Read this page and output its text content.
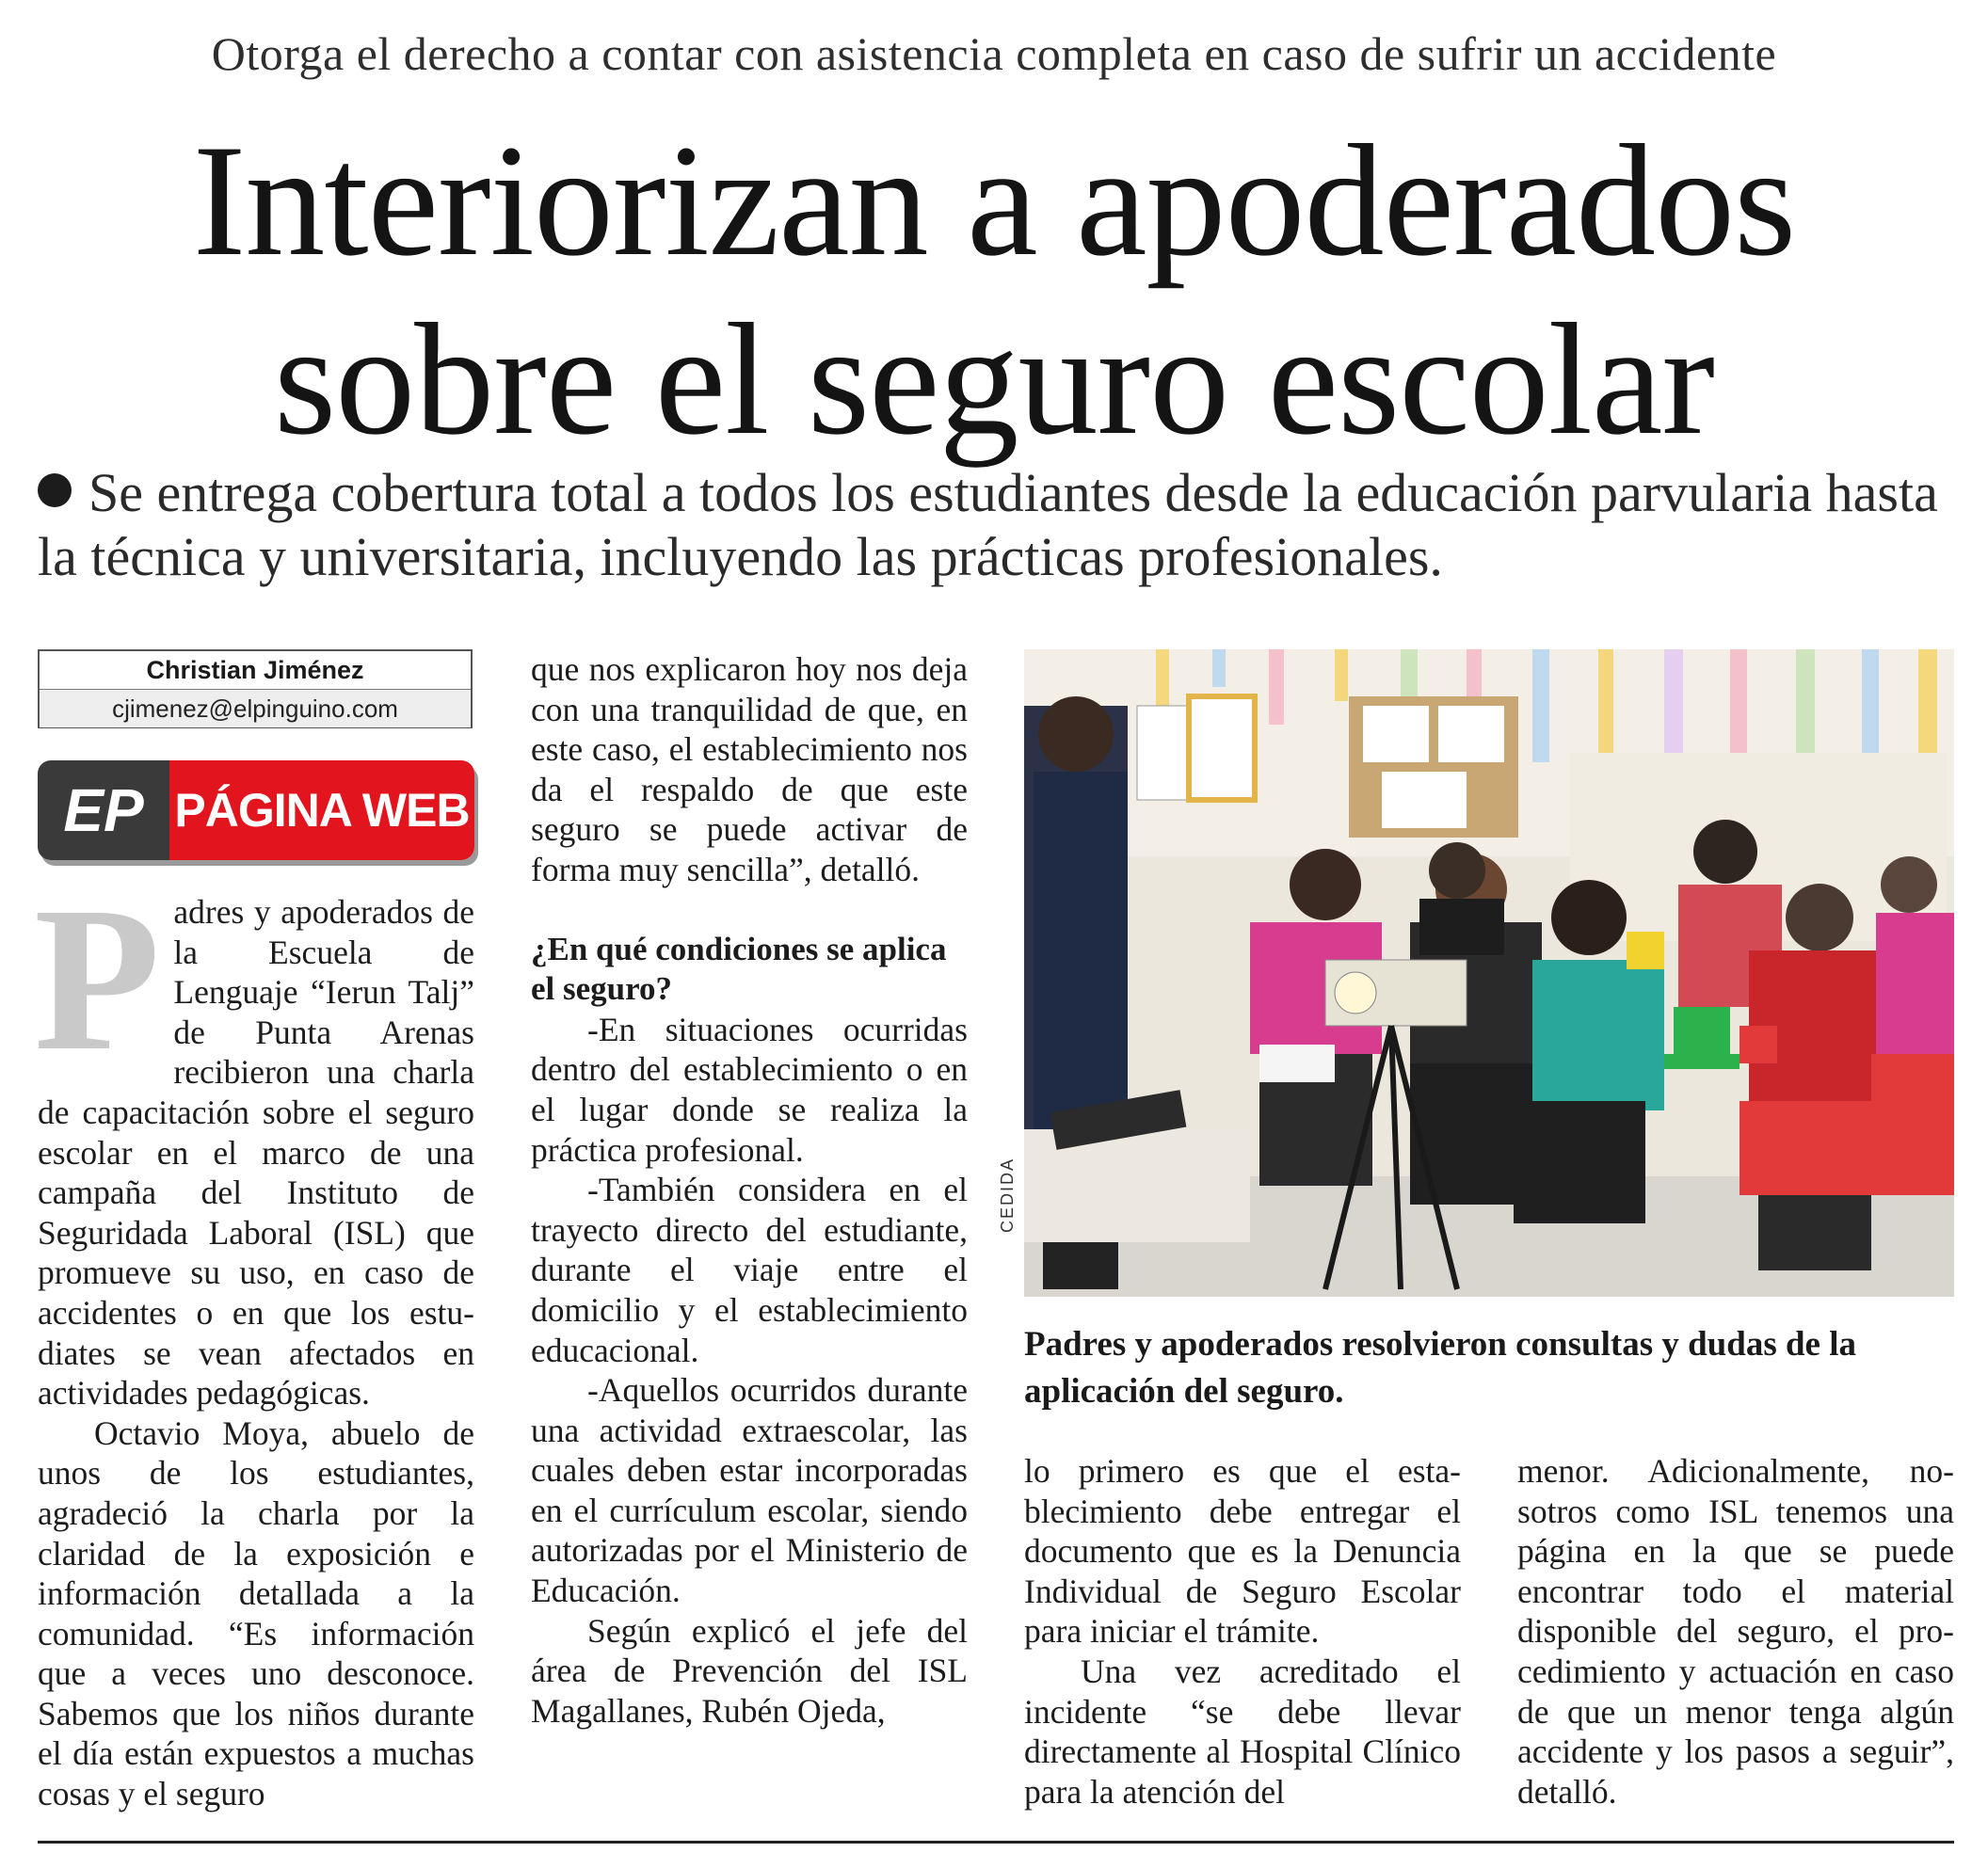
Otorga el derecho a contar con asistencia completa en caso de sufrir un accidente
Interiorizan a apoderados
sobre el seguro escolar
Se entrega cobertura total a todos los estudiantes desde la educación parvularia hasta la técnica y universitaria, incluyendo las prácticas profesionales.
Christian Jiménez
cjimenez@elpinguino.com
EP PÁGINA WEB

Padres y apoderados de la Escuela de Lenguaje “Ierun Talj” de Punta Arenas recibieron una charla de capacitación sobre el seguro escolar en el marco de una campaña del Instituto de Seguridada Laboral (ISL) que promueve su uso, en caso de accidentes o en que los estudiates se vean afectados en actividades pedagógicas.

Octavio Moya, abuelo de unos de los estudiantes, agradeció la charla por la claridad de la exposición e información detallada a la comunidad. “Es información que a veces uno desconoce. Sabemos que los niños durante el día están expuestos a muchas cosas y el seguro

que nos explicaron hoy nos deja con una tranquilidad de que, en este caso, el establecimiento nos da el respaldo de que este seguro se puede activar de forma muy sencilla”, detalló.

¿En qué condiciones se aplica el seguro?

-En situaciones ocurridas dentro del establecimiento o en el lugar donde se realiza la práctica profesional.

-También considera en el trayecto directo del estudiante, durante el viaje entre el domicilio y el establecimiento educacional.

-Aquellos ocurridos durante una actividad extraescolar, las cuales deben estar incorporadas en el currículum escolar, siendo autorizadas por el Ministerio de Educación.

Según explicó el jefe del área de Prevención del ISL Magallanes, Rubén Ojeda,

CEDIDA
Padres y apoderados resolvieron consultas y dudas de la aplicación del seguro.

lo primero es que el establecimiento debe entregar el documento que es la Denuncia Individual de Seguro Escolar para iniciar el trámite.

Una vez acreditado el incidente “se debe llevar directamente al Hospital Clínico para la atención del

menor. Adicionalmente, nosotros como ISL tenemos una página en la que se puede encontrar todo el material disponible del seguro, el procedimiento y actuación en caso de que un menor tenga algún accidente y los pasos a seguir”, detalló.
